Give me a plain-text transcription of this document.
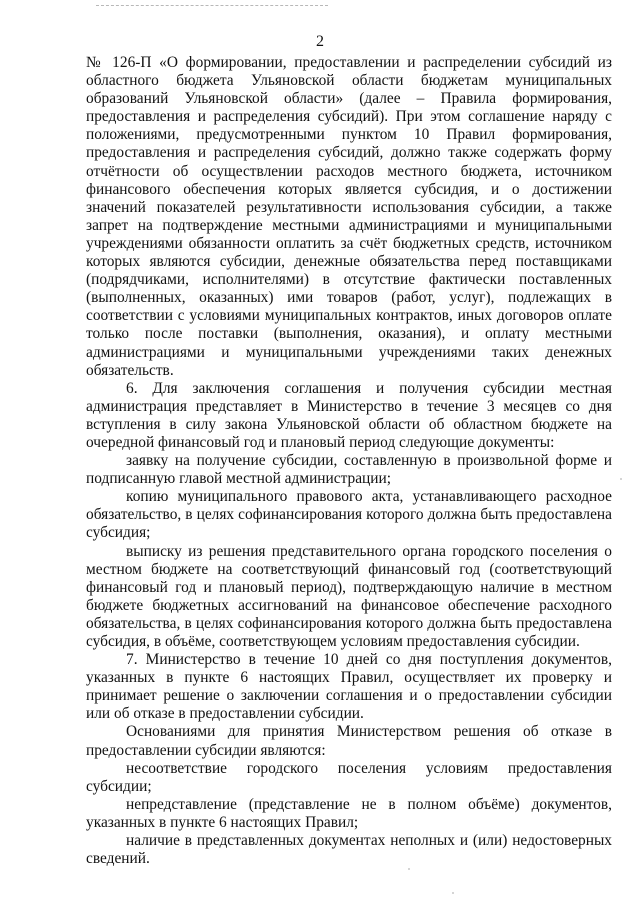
2

№ 126-П «О формировании, предоставлении и распределении субсидий из областного бюджета Ульяновской области бюджетам муниципальных образований Ульяновской области» (далее – Правила формирования, предоставления и распределения субсидий). При этом соглашение наряду с положениями, предусмотренными пунктом 10 Правил формирования, предоставления и распределения субсидий, должно также содержать форму отчётности об осуществлении расходов местного бюджета, источником финансового обеспечения которых является субсидия, и о достижении значений показателей результативности использования субсидии, а также запрет на подтверждение местными администрациями и муниципальными учреждениями обязанности оплатить за счёт бюджетных средств, источником которых являются субсидии, денежные обязательства перед поставщиками (подрядчиками, исполнителями) в отсутствие фактически поставленных (выполненных, оказанных) ими товаров (работ, услуг), подлежащих в соответствии с условиями муниципальных контрактов, иных договоров оплате только после поставки (выполнения, оказания), и оплату местными администрациями и муниципальными учреждениями таких денежных обязательств.

6. Для заключения соглашения и получения субсидии местная администрация представляет в Министерство в течение 3 месяцев со дня вступления в силу закона Ульяновской области об областном бюджете на очередной финансовый год и плановый период следующие документы:

заявку на получение субсидии, составленную в произвольной форме и подписанную главой местной администрации;

копию муниципального правового акта, устанавливающего расходное обязательство, в целях софинансирования которого должна быть предоставлена субсидия;

выписку из решения представительного органа городского поселения о местном бюджете на соответствующий финансовый год (соответствующий финансовый год и плановый период), подтверждающую наличие в местном бюджете бюджетных ассигнований на финансовое обеспечение расходного обязательства, в целях софинансирования которого должна быть предоставлена субсидия, в объёме, соответствующем условиям предоставления субсидии.

7. Министерство в течение 10 дней со дня поступления документов, указанных в пункте 6 настоящих Правил, осуществляет их проверку и принимает решение о заключении соглашения и о предоставлении субсидии или об отказе в предоставлении субсидии.

Основаниями для принятия Министерством решения об отказе в предоставлении субсидии являются:

несоответствие городского поселения условиям предоставления субсидии;

непредставление (представление не в полном объёме) документов, указанных в пункте 6 настоящих Правил;

наличие в представленных документах неполных и (или) недостоверных сведений.
